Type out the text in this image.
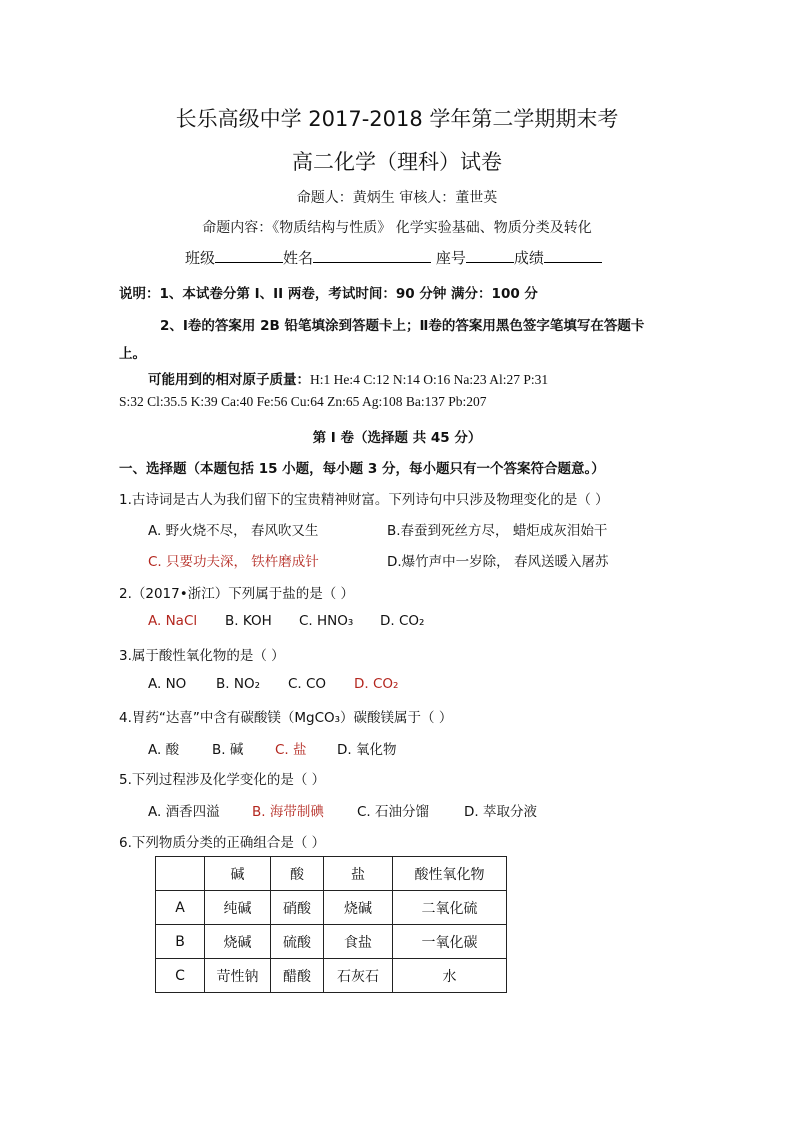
长乐高级中学 2017-2018 学年第二学期期末考
高二化学（理科）试卷
命题人：黄炳生 审核人：董世英
命题内容：《物质结构与性质》 化学实验基础、物质分类及转化
班级	姓名	座号	成绩
说明：1、本试卷分第 I、II 两卷，考试时间：90 分钟 满分：100 分
2、Ⅰ卷的答案用 2B 铅笔填涂到答题卡上；Ⅱ卷的答案用黑色签字笔填写在答题卡
上。
可能用到的相对原子质量：H:1 He:4 C:12 N:14 O:16 Na:23 Al:27 P:31
S:32 Cl:35.5 K:39 Ca:40 Fe:56 Cu:64 Zn:65 Ag:108 Ba:137 Pb:207
第 I 卷（选择题 共 45 分）
一、选择题（本题包括 15 小题，每小题 3 分，每小题只有一个答案符合题意。）
1.古诗词是古人为我们留下的宝贵精神财富。下列诗句中只涉及物理变化的是（ ）
A. 野火烧不尽， 春风吹又生	B.春蚕到死丝方尽， 蜡炬成灰泪始干
C. 只要功夫深， 铁杵磨成针	D.爆竹声中一岁除， 春风送暖入屠苏
2.（2017•浙江）下列属于盐的是（ ）
A. NaCl B. KOH C. HNO₃ D. CO₂
3.属于酸性氧化物的是（ ）
A. NO B. NO₂ C. CO D. CO₂
4.胃药“达喜”中含有碳酸镁（MgCO₃）碳酸镁属于（ ）
A. 酸 B. 碱 C. 盐 D. 氧化物
5.下列过程涉及化学变化的是（ ）
A. 酒香四溢 B. 海带制碘 C. 石油分馏	D. 萃取分液
6.下列物质分类的正确组合是（ ）
	碱	酸	盐	酸性氧化物
A	纯碱	硝酸	烧碱	二氧化硫
B	烧碱	硫酸	食盐	一氧化碳
C	苛性钠	醋酸	石灰石	水
